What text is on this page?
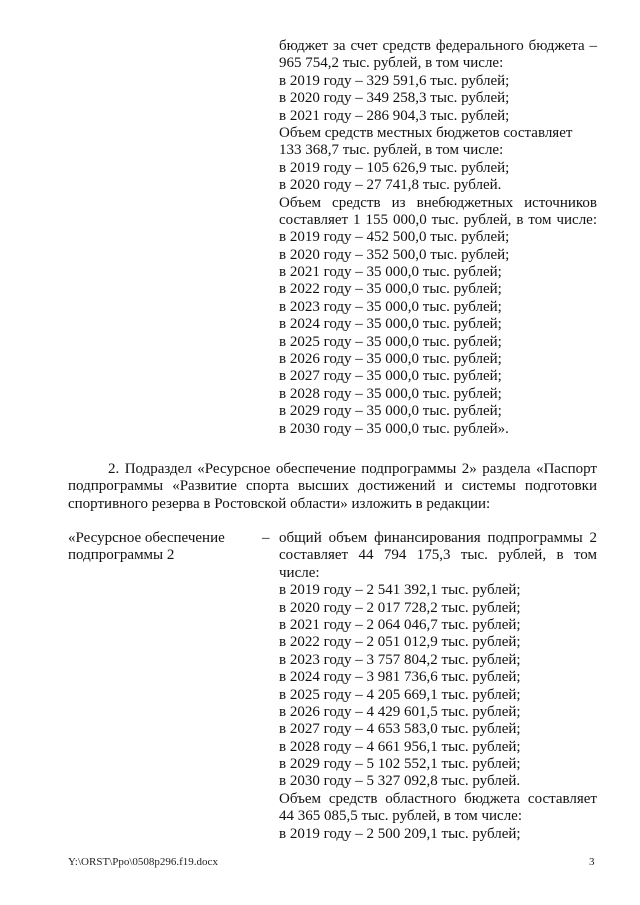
бюджет за счет средств федерального бюджета –
965 754,2 тыс. рублей, в том числе:
в 2019 году – 329 591,6 тыс. рублей;
в 2020 году – 349 258,3 тыс. рублей;
в 2021 году – 286 904,3 тыс. рублей;
Объем средств местных бюджетов составляет
133 368,7 тыс. рублей, в том числе:
в 2019 году – 105 626,9 тыс. рублей;
в 2020 году – 27 741,8 тыс. рублей.
Объем средств из внебюджетных источников
составляет 1 155 000,0 тыс. рублей, в том числе:
в 2019 году – 452 500,0 тыс. рублей;
в 2020 году – 352 500,0 тыс. рублей;
в 2021 году – 35 000,0 тыс. рублей;
в 2022 году – 35 000,0 тыс. рублей;
в 2023 году – 35 000,0 тыс. рублей;
в 2024 году – 35 000,0 тыс. рублей;
в 2025 году – 35 000,0 тыс. рублей;
в 2026 году – 35 000,0 тыс. рублей;
в 2027 году – 35 000,0 тыс. рублей;
в 2028 году – 35 000,0 тыс. рублей;
в 2029 году – 35 000,0 тыс. рублей;
в 2030 году – 35 000,0 тыс. рублей».
2. Подраздел «Ресурсное обеспечение подпрограммы 2» раздела «Паспорт
подпрограммы «Развитие спорта высших достижений и системы подготовки
спортивного резерва в Ростовской области» изложить в редакции:
«Ресурсное обеспечение
подпрограммы 2
– общий объем финансирования подпрограммы 2
составляет 44 794 175,3 тыс. рублей, в том
числе:
в 2019 году – 2 541 392,1 тыс. рублей;
в 2020 году – 2 017 728,2 тыс. рублей;
в 2021 году – 2 064 046,7 тыс. рублей;
в 2022 году – 2 051 012,9 тыс. рублей;
в 2023 году – 3 757 804,2 тыс. рублей;
в 2024 году – 3 981 736,6 тыс. рублей;
в 2025 году – 4 205 669,1 тыс. рублей;
в 2026 году – 4 429 601,5 тыс. рублей;
в 2027 году – 4 653 583,0 тыс. рублей;
в 2028 году – 4 661 956,1 тыс. рублей;
в 2029 году – 5 102 552,1 тыс. рублей;
в 2030 году – 5 327 092,8 тыс. рублей.
Объем средств областного бюджета составляет
44 365 085,5 тыс. рублей, в том числе:
в 2019 году – 2 500 209,1 тыс. рублей;
Y:\ORST\Ppo\0508p296.f19.docx	3
